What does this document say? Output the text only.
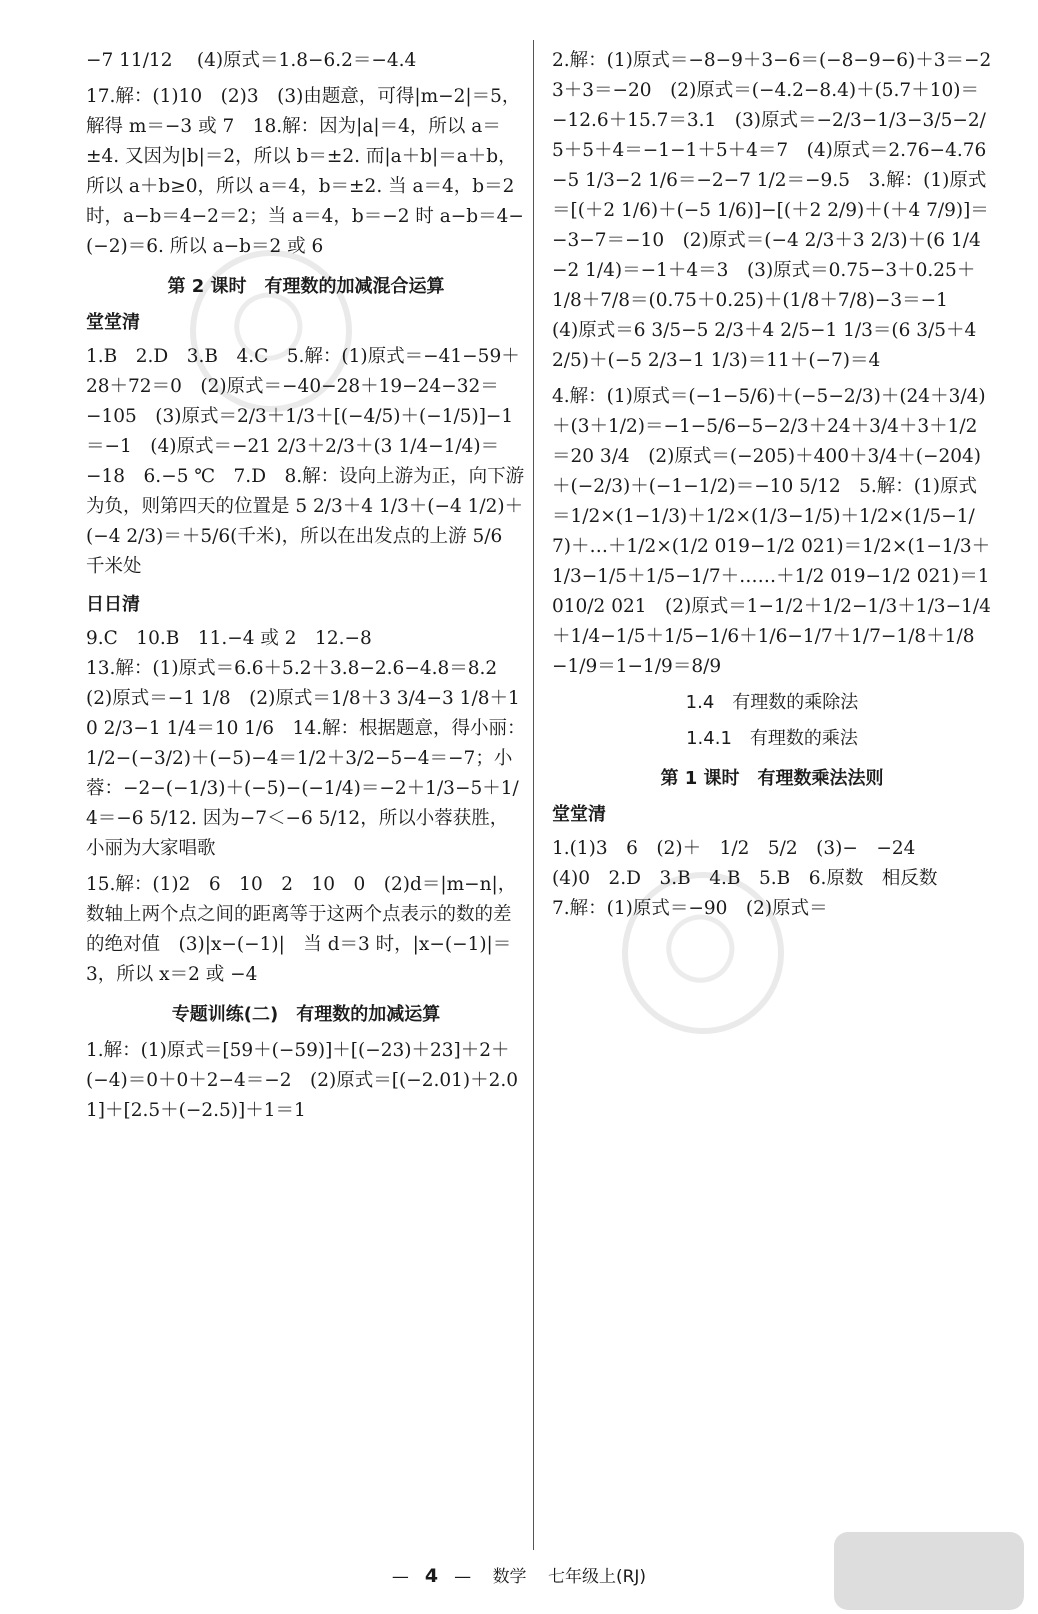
−7 11/12 　(4)原式＝1.8−6.2＝−4.4

17.解：(1)10　(2)3　(3)由题意，可得|m−2|＝5，解得 m＝−3 或 7　18.解：因为|a|＝4，所以 a＝±4. 又因为|b|＝2，所以 b＝±2. 而|a＋b|＝a＋b，所以 a＋b≥0，所以 a＝4，b＝±2. 当 a＝4，b＝2 时，a−b＝4−2＝2；当 a＝4，b＝−2 时 a−b＝4−(−2)＝6. 所以 a−b＝2 或 6

第 2 课时　有理数的加减混合运算
堂堂清

1.B　2.D　3.B　4.C　5.解：(1)原式＝−41−59＋28＋72＝0　(2)原式＝−40−28＋19−24−32＝−105　(3)原式＝2/3＋1/3＋[(−4/5)＋(−1/5)]−1＝−1　(4)原式＝−21 2/3＋2/3＋(3 1/4−1/4)＝−18　6.−5 ℃　7.D　8.解：设向上游为正，向下游为负，则第四天的位置是 5 2/3＋4 1/3＋(−4 1/2)＋(−4 2/3)＝＋5/6(千米)，所以在出发点的上游 5/6 千米处

日日清

9.C　10.B　11.−4 或 2　12.−8

13.解：(1)原式＝6.6＋5.2＋3.8−2.6−4.8＝8.2　(2)原式＝−1 1/8　(2)原式＝1/8＋3 3/4−3 1/8＋10 2/3−1 1/4＝10 1/6　14.解：根据题意，得小丽：1/2−(−3/2)＋(−5)−4＝1/2＋3/2−5−4＝−7；小蓉：−2−(−1/3)＋(−5)−(−1/4)＝−2＋1/3−5＋1/4＝−6 5/12. 因为−7＜−6 5/12，所以小蓉获胜，小丽为大家唱歌

15.解：(1)2　6　10　2　10　0　(2)d＝|m−n|，数轴上两个点之间的距离等于这两个点表示的数的差的绝对值　(3)|x−(−1)|　当 d＝3 时，|x−(−1)|＝3，所以 x＝2 或 −4

专题训练(二)　有理数的加减运算

1.解：(1)原式＝[59＋(−59)]＋[(−23)＋23]＋2＋(−4)＝0＋0＋2−4＝−2　(2)原式＝[(−2.01)＋2.01]＋[2.5＋(−2.5)]＋1＝1

2.解：(1)原式＝−8−9＋3−6＝(−8−9−6)＋3＝−23＋3＝−20　(2)原式＝(−4.2−8.4)＋(5.7＋10)＝−12.6＋15.7＝3.1　(3)原式＝−2/3−1/3−3/5−2/5＋5＋4＝−1−1＋5＋4＝7　(4)原式＝2.76−4.76−5 1/3−2 1/6＝−2−7 1/2＝−9.5　3.解：(1)原式＝[(＋2 1/6)＋(−5 1/6)]−[(＋2 2/9)＋(＋4 7/9)]＝−3−7＝−10　(2)原式＝(−4 2/3＋3 2/3)＋(6 1/4−2 1/4)＝−1＋4＝3　(3)原式＝0.75−3＋0.25＋1/8＋7/8＝(0.75＋0.25)＋(1/8＋7/8)−3＝−1　(4)原式＝6 3/5−5 2/3＋4 2/5−1 1/3＝(6 3/5＋4 2/5)＋(−5 2/3−1 1/3)＝11＋(−7)＝4

4.解：(1)原式＝(−1−5/6)＋(−5−2/3)＋(24＋3/4)＋(3＋1/2)＝−1−5/6−5−2/3＋24＋3/4＋3＋1/2＝20 3/4　(2)原式＝(−205)＋400＋3/4＋(−204)＋(−2/3)＋(−1−1/2)＝−10 5/12　5.解：(1)原式＝1/2×(1−1/3)＋1/2×(1/3−1/5)＋1/2×(1/5−1/7)＋…＋1/2×(1/2 019−1/2 021)＝1/2×(1−1/3＋1/3−1/5＋1/5−1/7＋……＋1/2 019−1/2 021)＝1 010/2 021　(2)原式＝1−1/2＋1/2−1/3＋1/3−1/4＋1/4−1/5＋1/5−1/6＋1/6−1/7＋1/7−1/8＋1/8−1/9＝1−1/9＝8/9

1.4　有理数的乘除法
1.4.1　有理数的乘法
第 1 课时　有理数乘法法则
堂堂清

1.(1)3　6　(2)＋　1/2　5/2　(3)−　−24

(4)0　2.D　3.B　4.B　5.B　6.原数　相反数

7.解：(1)原式＝−90　(2)原式＝

— 4 — 数学 七年级上(RJ)
